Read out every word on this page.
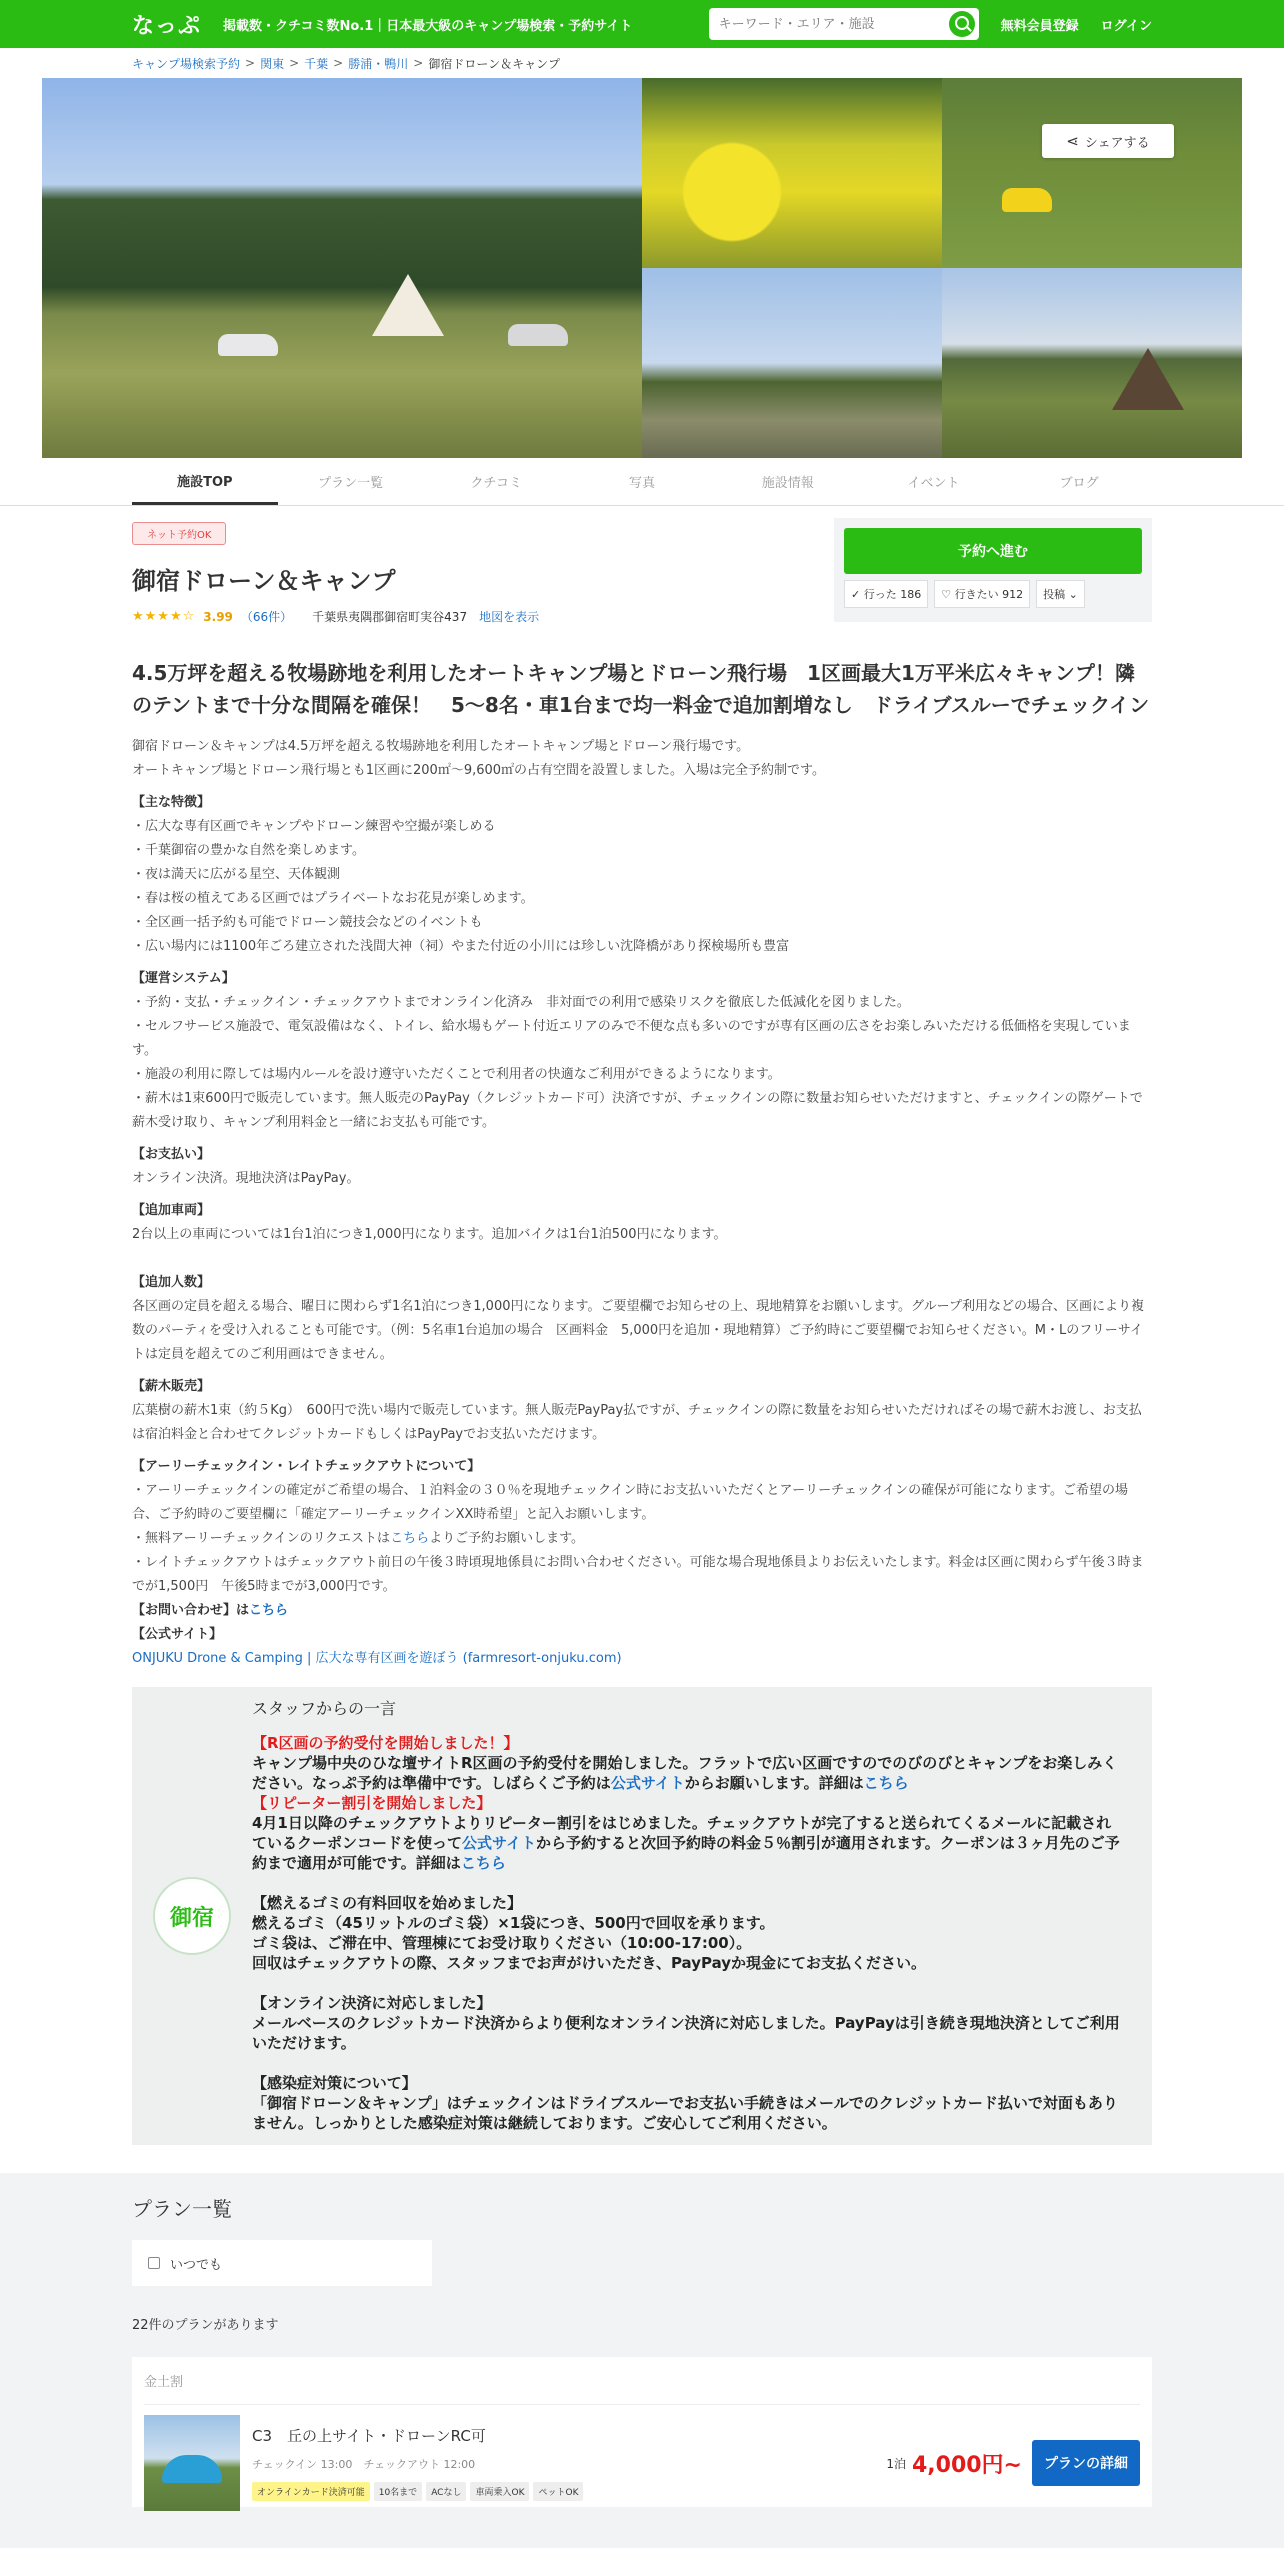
なっぷ 掲載数・クチコミ数No.1｜日本最大級のキャンプ場検索・予約サイト
キーワード・エリア・施設	無料会員登録 ログイン
キャンプ場検索予約 > 関東 > 千葉 > 勝浦・鴨川 > 御宿ドローン＆キャンプ
⋖ シェアする
施設TOP	プラン一覧	クチコミ	写真	施設情報	イベント	ブログ
ネット予約OK
御宿ドローン＆キャンプ
★★★★☆ 3.99 （66件） 千葉県夷隅郡御宿町実谷437 地図を表示
予約へ進む
✓ 行った 186	♡ 行きたい 912	投稿 ⌄
4.5万坪を超える牧場跡地を利用したオートキャンプ場とドローン飛行場　1区画最大1万平米広々キャンプ！隣のテントまで十分な間隔を確保！　5～8名・車1台まで均一料金で追加割増なし　ドライブスルーでチェックイン
御宿ドローン＆キャンプは4.5万坪を超える牧場跡地を利用したオートキャンプ場とドローン飛行場です。
オートキャンプ場とドローン飛行場とも1区画に200㎡～9,600㎡の占有空間を設置しました。入場は完全予約制です。
【主な特徴】
・広大な専有区画でキャンプやドローン練習や空撮が楽しめる
・千葉御宿の豊かな自然を楽しめます。
・夜は満天に広がる星空、天体観測
・春は桜の植えてある区画ではプライベートなお花見が楽しめます。
・全区画一括予約も可能でドローン競技会などのイベントも
・広い場内には1100年ごろ建立された浅間大神（祠）やまた付近の小川には珍しい沈降橋があり探検場所も豊富
【運営システム】
・予約・支払・チェックイン・チェックアウトまでオンライン化済み　非対面での利用で感染リスクを徹底した低減化を図りました。
・セルフサービス施設で、電気設備はなく、トイレ、給水場もゲート付近エリアのみで不便な点も多いのですが専有区画の広さをお楽しみいただける低価格を実現しています。
・施設の利用に際しては場内ルールを設け遵守いただくことで利用者の快適なご利用ができるようになります。
・薪木は1束600円で販売しています。無人販売のPayPay（クレジットカード可）決済ですが、チェックインの際に数量お知らせいただけますと、チェックインの際ゲートで薪木受け取り、キャンプ利用料金と一緒にお支払も可能です。
【お支払い】
オンライン決済。現地決済はPayPay。
【追加車両】
2台以上の車両については1台1泊につき1,000円になります。追加バイクは1台1泊500円になります。
【追加人数】
各区画の定員を超える場合、曜日に関わらず1名1泊につき1,000円になります。ご要望欄でお知らせの上、現地精算をお願いします。グループ利用などの場合、区画により複数のパーティを受け入れることも可能です。（例：5名車1台追加の場合　区画料金　5,000円を追加・現地精算）ご予約時にご要望欄でお知らせください。M・Lのフリーサイトは定員を超えてのご利用画はできません。
【薪木販売】
広葉樹の薪木1束（約５Kg）　600円で洗い場内で販売しています。無人販売PayPay払ですが、チェックインの際に数量をお知らせいただければその場で薪木お渡し、お支払は宿泊料金と合わせてクレジットカードもしくはPayPayでお支払いただけます。
【アーリーチェックイン・レイトチェックアウトについて】
・アーリーチェックインの確定がご希望の場合、１泊料金の３０％を現地チェックイン時にお支払いいただくとアーリーチェックインの確保が可能になります。ご希望の場合、ご予約時のご要望欄に「確定アーリーチェックインXX時希望」と記入お願いします。
・無料アーリーチェックインのリクエストはこちらよりご予約お願いします。
・レイトチェックアウトはチェックアウト前日の午後３時頃現地係員にお問い合わせください。可能な場合現地係員よりお伝えいたします。料金は区画に関わらず午後３時までが1,500円　午後5時までが3,000円です。
【お問い合わせ】はこちら
【公式サイト】
ONJUKU Drone & Camping | 広大な専有区画を遊ぼう (farmresort-onjuku.com)
御宿
スタッフからの一言
【R区画の予約受付を開始しました！】
キャンプ場中央のひな壇サイトR区画の予約受付を開始しました。フラットで広い区画ですのでのびのびとキャンプをお楽しみください。なっぷ予約は準備中です。しばらくご予約は公式サイトからお願いします。詳細はこちら
【リピーター割引を開始しました】
4月1日以降のチェックアウトよりリピーター割引をはじめました。チェックアウトが完了すると送られてくるメールに記載されているクーポンコードを使って公式サイトから予約すると次回予約時の料金５％割引が適用されます。クーポンは３ヶ月先のご予約まで適用が可能です。詳細はこちら
【燃えるゴミの有料回収を始めました】
燃えるゴミ（45リットルのゴミ袋）×1袋につき、500円で回収を承ります。
ゴミ袋は、ご滞在中、管理棟にてお受け取りください（10:00-17:00）。
回収はチェックアウトの際、スタッフまでお声がけいただき、PayPayか現金にてお支払ください。
【オンライン決済に対応しました】
メールベースのクレジットカード決済からより便利なオンライン決済に対応しました。PayPayは引き続き現地決済としてご利用いただけます。
【感染症対策について】
「御宿ドローン＆キャンプ」はチェックインはドライブスルーでお支払い手続きはメールでのクレジットカード払いで対面もありません。しっかりとした感染症対策は継続しております。ご安心してご利用ください。
プラン一覧
いつでも
22件のプランがあります
金土割
C3　丘の上サイト・ドローンRC可
チェックイン 13:00　チェックアウト 12:00
オンラインカード決済可能	10名まで	ACなし	車両乗入OK	ペットOK
1泊 4,000円~	プランの詳細
